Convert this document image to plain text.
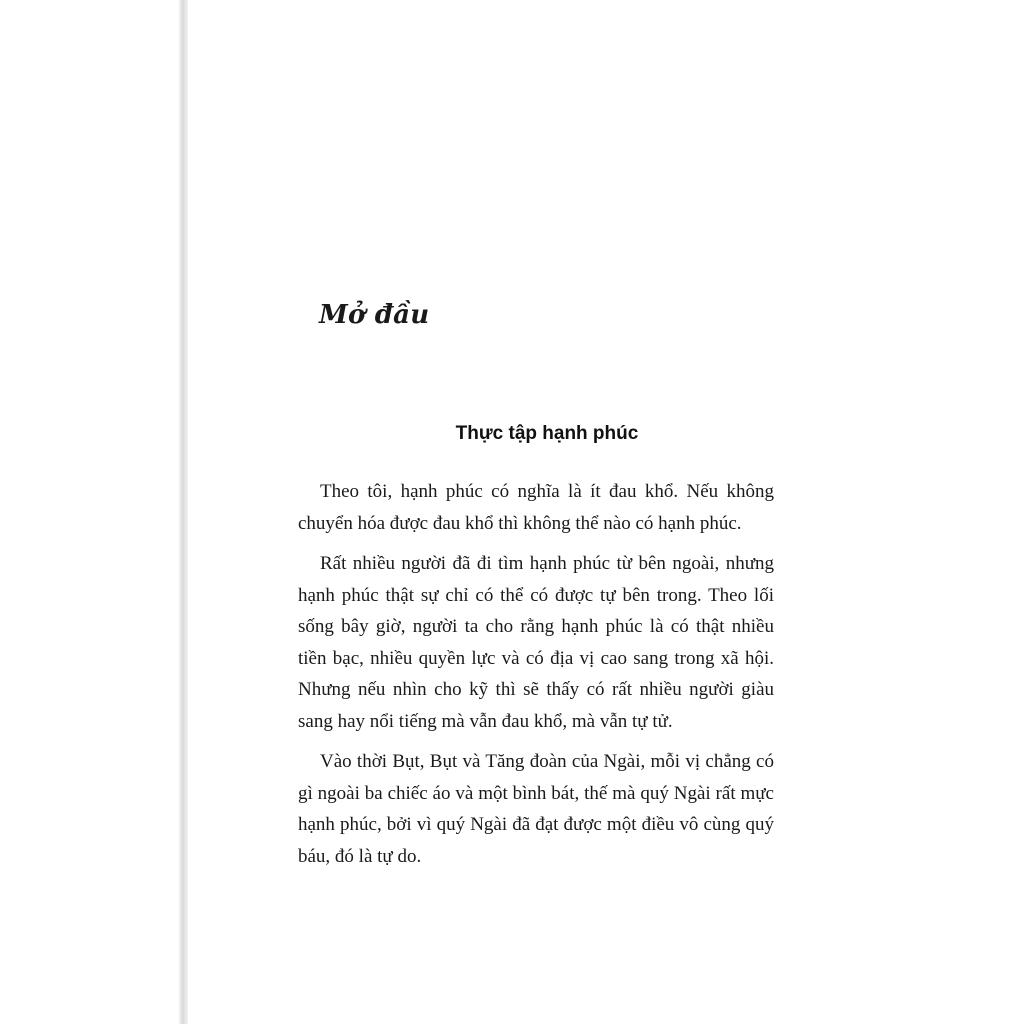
Mở đầu
Thực tập hạnh phúc

Theo tôi, hạnh phúc có nghĩa là ít đau khổ. Nếu không chuyển hóa được đau khổ thì không thể nào có hạnh phúc.

Rất nhiều người đã đi tìm hạnh phúc từ bên ngoài, nhưng hạnh phúc thật sự chỉ có thể có được tự bên trong. Theo lối sống bây giờ, người ta cho rằng hạnh phúc là có thật nhiều tiền bạc, nhiều quyền lực và có địa vị cao sang trong xã hội. Nhưng nếu nhìn cho kỹ thì sẽ thấy có rất nhiều người giàu sang hay nổi tiếng mà vẫn đau khổ, mà vẫn tự tử.

Vào thời Bụt, Bụt và Tăng đoàn của Ngài, mỗi vị chẳng có gì ngoài ba chiếc áo và một bình bát, thế mà quý Ngài rất mực hạnh phúc, bởi vì quý Ngài đã đạt được một điều vô cùng quý báu, đó là tự do.
